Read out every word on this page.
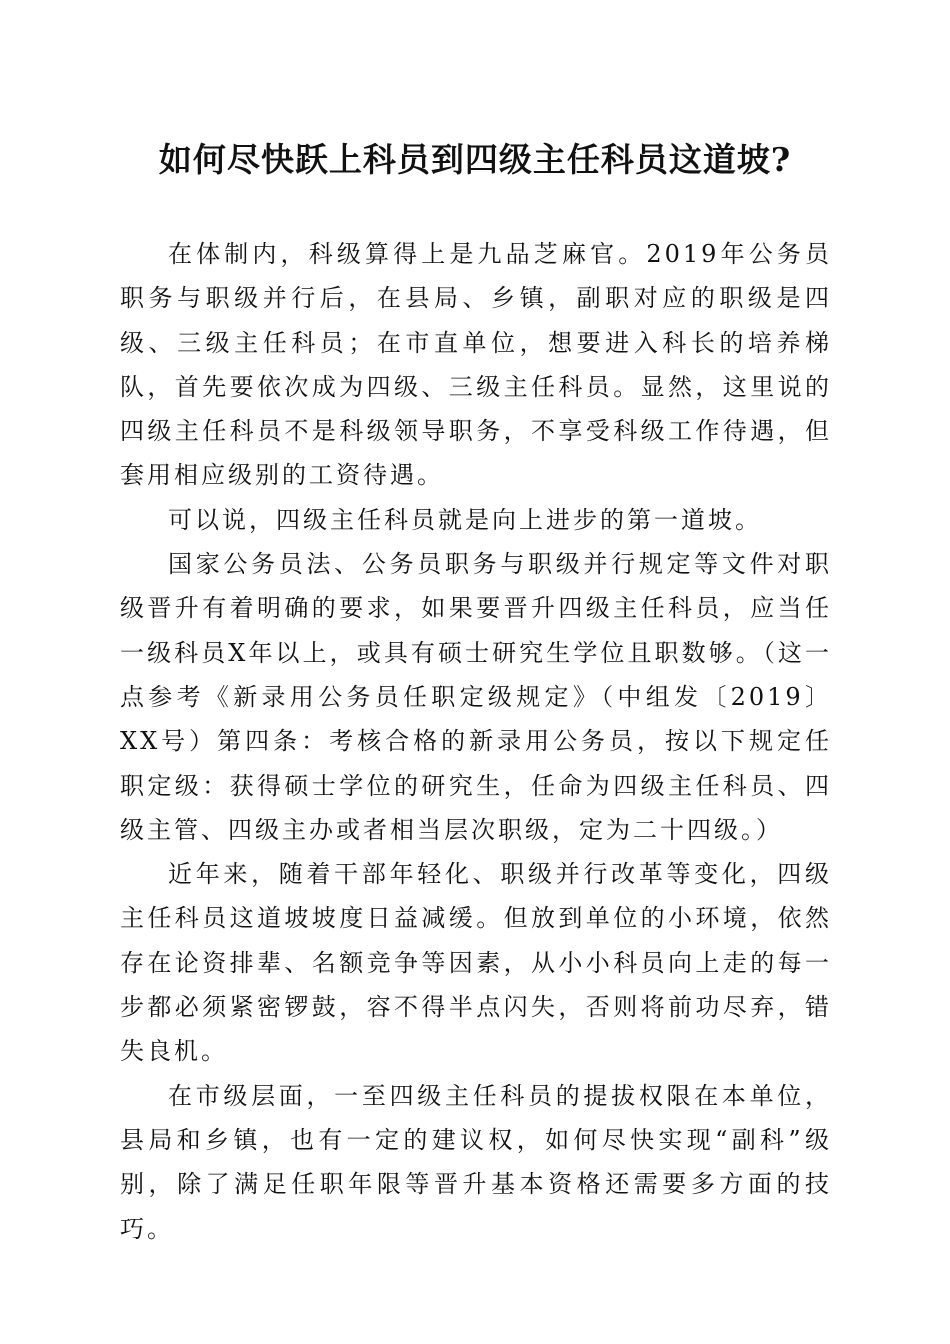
如何尽快跃上科员到四级主任科员这道坡?

在体制内，科级算得上是九品芝麻官。2019年公务员职务与职级并行后，在县局、乡镇，副职对应的职级是四级、三级主任科员；在市直单位，想要进入科长的培养梯队，首先要依次成为四级、三级主任科员。显然，这里说的四级主任科员不是科级领导职务，不享受科级工作待遇，但套用相应级别的工资待遇。

可以说，四级主任科员就是向上进步的第一道坡。

国家公务员法、公务员职务与职级并行规定等文件对职级晋升有着明确的要求，如果要晋升四级主任科员，应当任一级科员X年以上，或具有硕士研究生学位且职数够。（这一点参考《新录用公务员任职定级规定》（中组发〔2019〕XX号）第四条：考核合格的新录用公务员，按以下规定任职定级：获得硕士学位的研究生，任命为四级主任科员、四级主管、四级主办或者相当层次职级，定为二十四级。）

近年来，随着干部年轻化、职级并行改革等变化，四级主任科员这道坡坡度日益减缓。但放到单位的小环境，依然存在论资排辈、名额竞争等因素，从小小科员向上走的每一步都必须紧密锣鼓，容不得半点闪失，否则将前功尽弃，错失良机。

在市级层面，一至四级主任科员的提拔权限在本单位，县局和乡镇，也有一定的建议权，如何尽快实现“副科”级别，除了满足任职年限等晋升基本资格还需要多方面的技巧。
